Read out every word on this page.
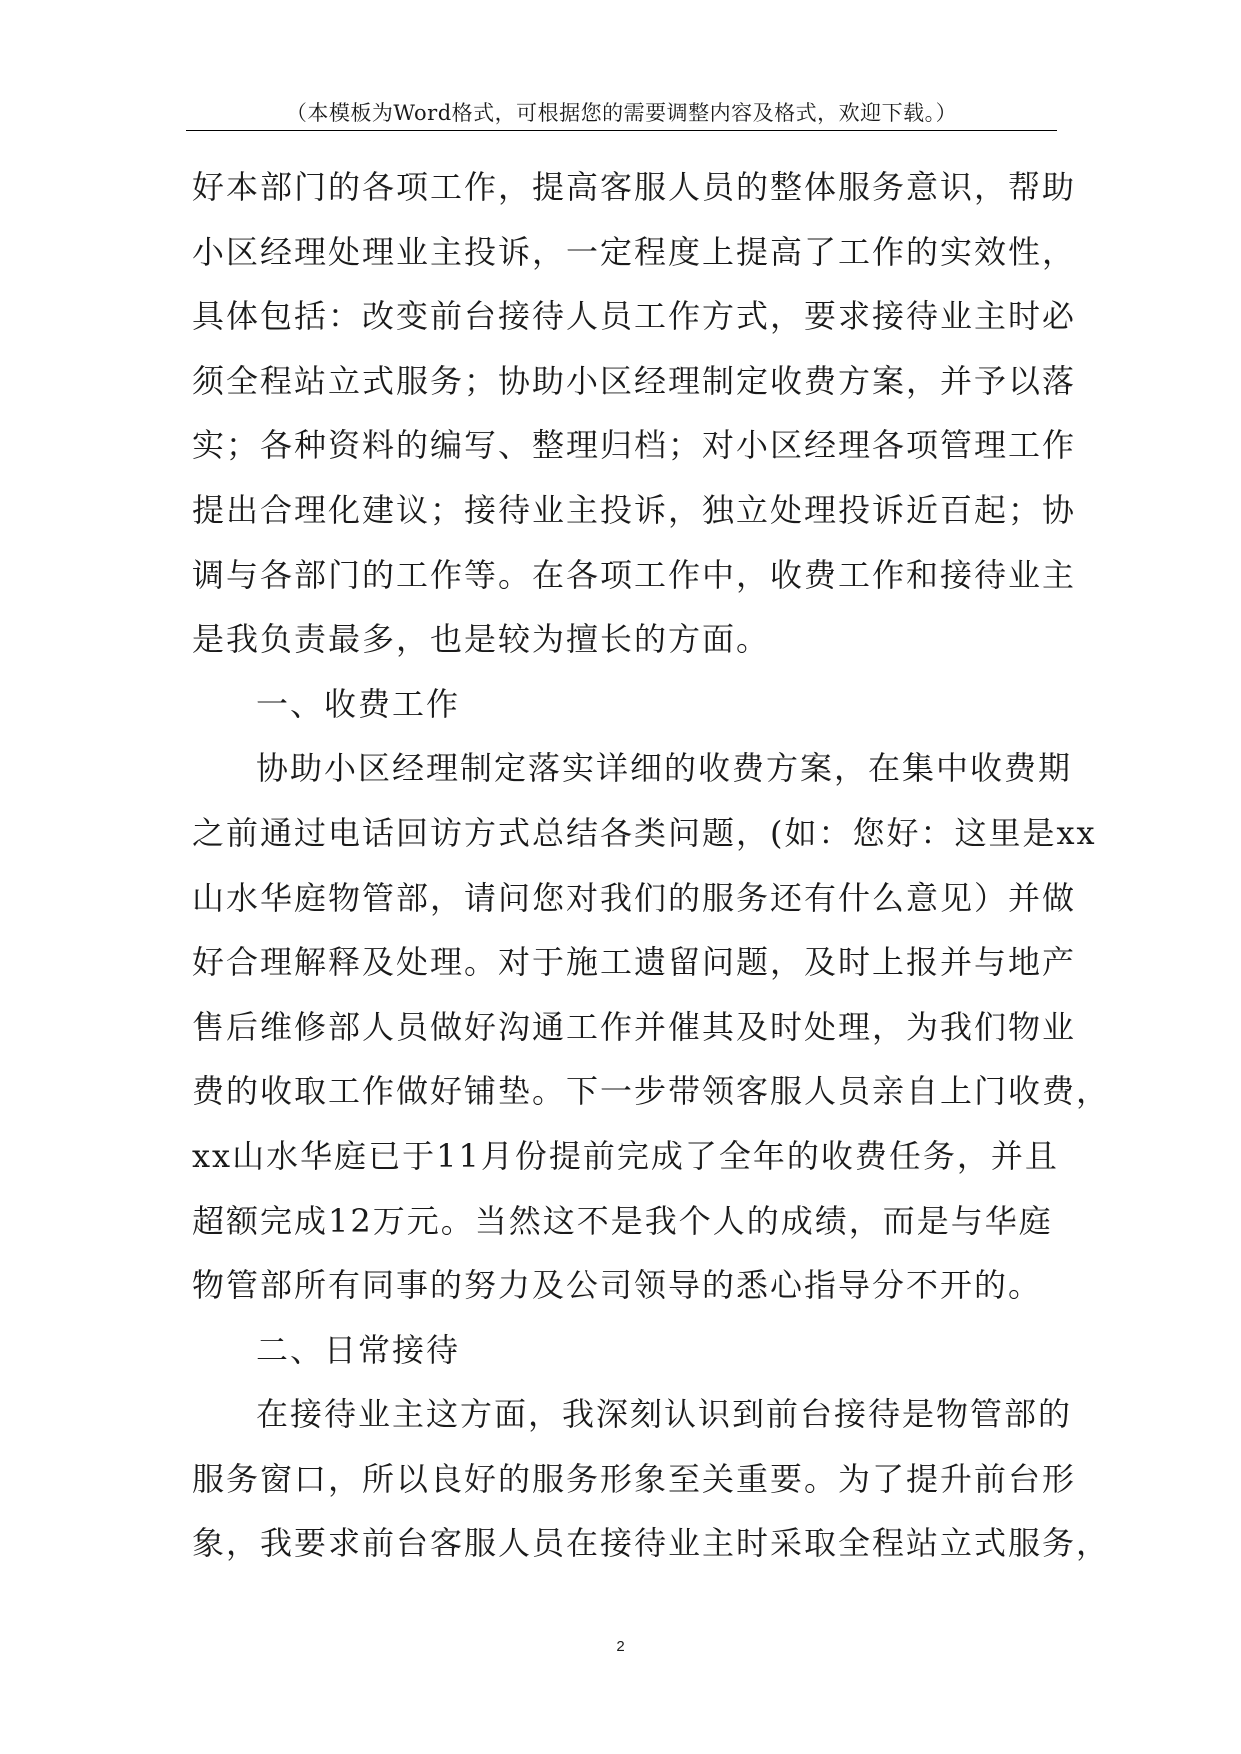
（本模板为Word格式，可根据您的需要调整内容及格式，欢迎下载。）
好本部门的各项工作，提高客服人员的整体服务意识，帮助
小区经理处理业主投诉，一定程度上提高了工作的实效性，
具体包括：改变前台接待人员工作方式，要求接待业主时必
须全程站立式服务；协助小区经理制定收费方案，并予以落
实；各种资料的编写、整理归档；对小区经理各项管理工作
提出合理化建议；接待业主投诉，独立处理投诉近百起；协
调与各部门的工作等。在各项工作中，收费工作和接待业主
是我负责最多，也是较为擅长的方面。
一、收费工作
协助小区经理制定落实详细的收费方案，在集中收费期
之前通过电话回访方式总结各类问题，(如：您好：这里是xx
山水华庭物管部，请问您对我们的服务还有什么意见）并做
好合理解释及处理。对于施工遗留问题，及时上报并与地产
售后维修部人员做好沟通工作并催其及时处理，为我们物业
费的收取工作做好铺垫。下一步带领客服人员亲自上门收费，
xx山水华庭已于11月份提前完成了全年的收费任务，并且
超额完成12万元。当然这不是我个人的成绩，而是与华庭
物管部所有同事的努力及公司领导的悉心指导分不开的。
二、日常接待
在接待业主这方面，我深刻认识到前台接待是物管部的
服务窗口，所以良好的服务形象至关重要。为了提升前台形
象，我要求前台客服人员在接待业主时采取全程站立式服务，
2
